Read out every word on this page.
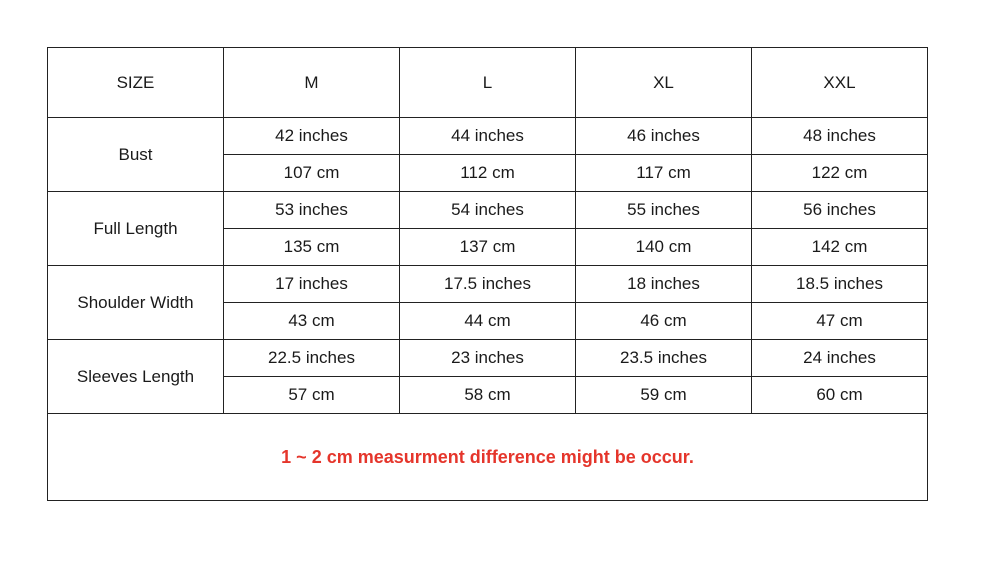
SIZE	M	L	XL	XXL
Bust	42 inches	44 inches	46 inches	48 inches
	107 cm	112 cm	117 cm	122 cm
Full Length	53 inches	54 inches	55 inches	56 inches
	135 cm	137 cm	140 cm	142 cm
Shoulder Width	17 inches	17.5 inches	18 inches	18.5 inches
	43 cm	44 cm	46 cm	47 cm
Sleeves Length	22.5 inches	23 inches	23.5 inches	24 inches
	57 cm	58 cm	59 cm	60 cm
1 ~ 2 cm measurment difference might be occur.				
